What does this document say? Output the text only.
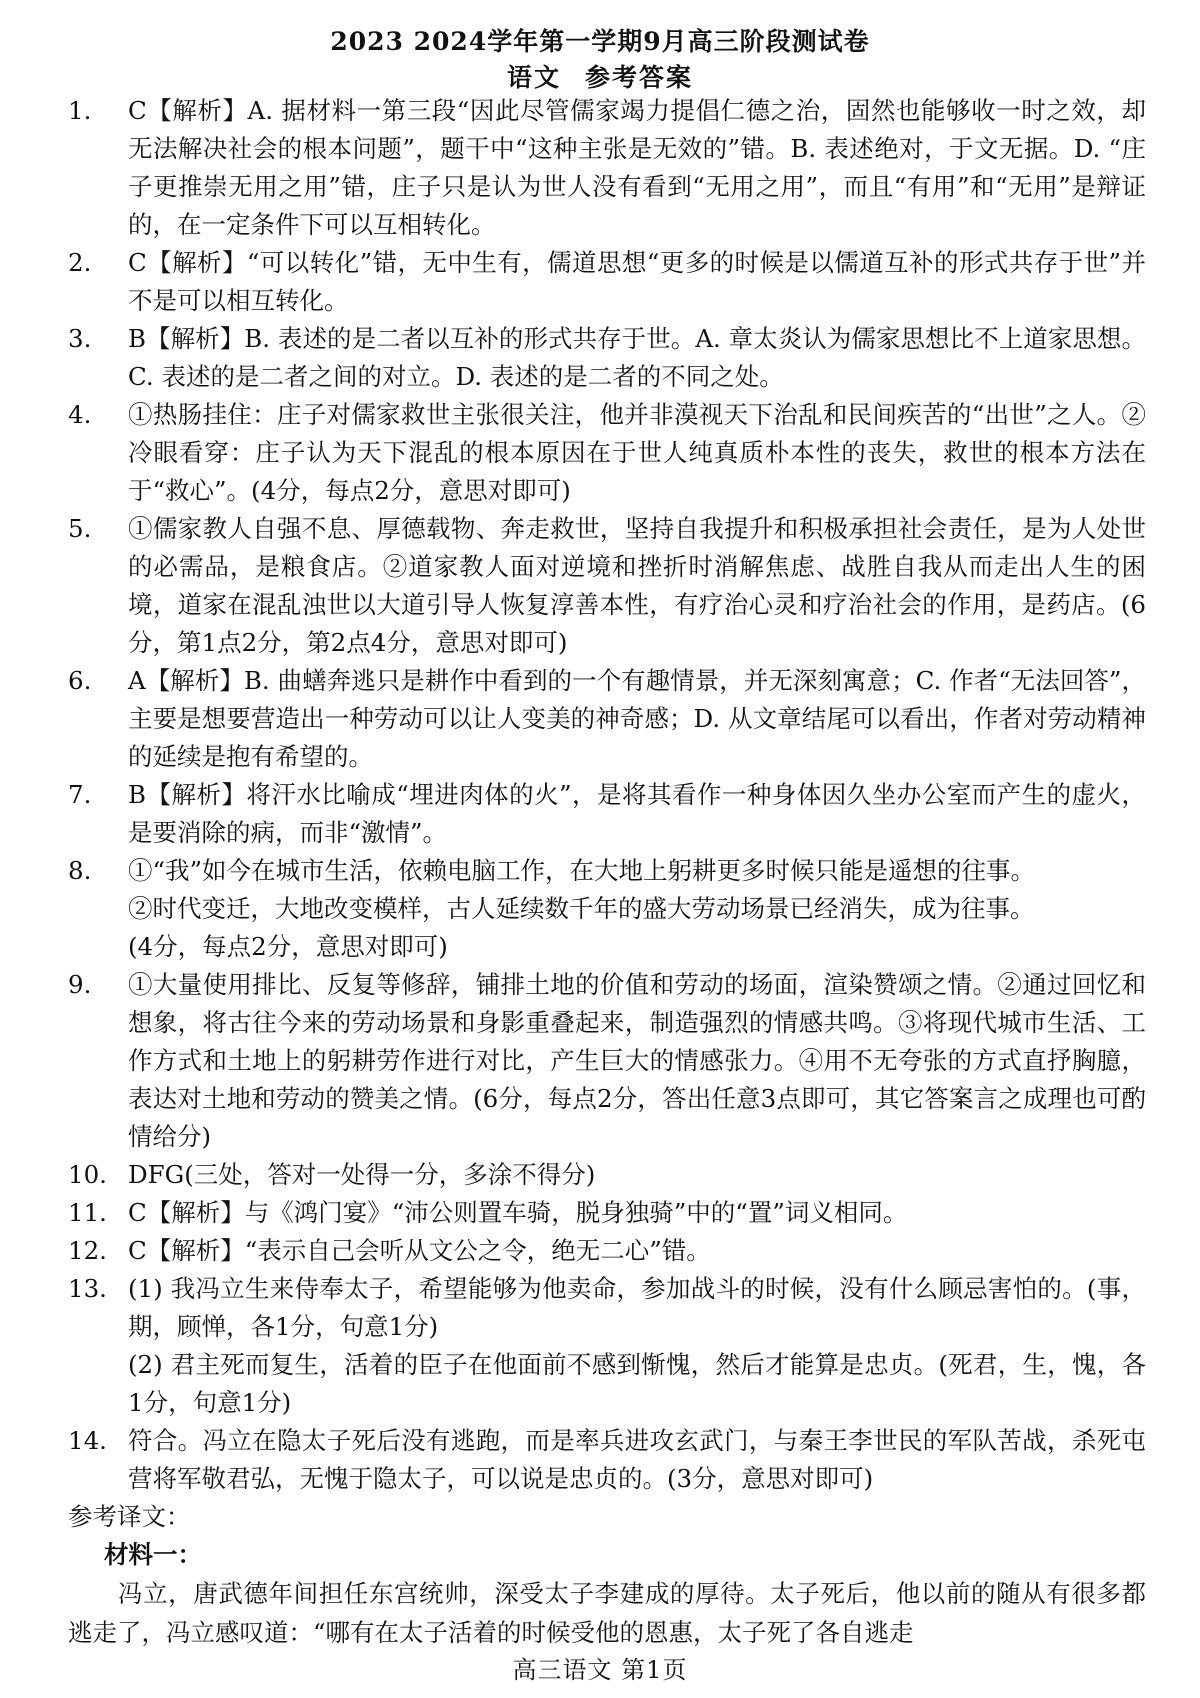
2023 2024学年第一学期9月高三阶段测试卷
语文 参考答案
1.	C【解析】A. 据材料一第三段“因此尽管儒家竭力提倡仁德之治，固然也能够收一时之效，却无法解决社会的根本问题”，题干中“这种主张是无效的”错。B. 表述绝对，于文无据。D. “庄子更推崇无用之用”错，庄子只是认为世人没有看到“无用之用”，而且“有用”和“无用”是辩证的，在一定条件下可以互相转化。
2.	C【解析】“可以转化”错，无中生有，儒道思想“更多的时候是以儒道互补的形式共存于世”并不是可以相互转化。
3.	B【解析】B. 表述的是二者以互补的形式共存于世。A. 章太炎认为儒家思想比不上道家思想。C. 表述的是二者之间的对立。D. 表述的是二者的不同之处。
4.	①热肠挂住：庄子对儒家救世主张很关注，他并非漠视天下治乱和民间疾苦的“出世”之人。②冷眼看穿：庄子认为天下混乱的根本原因在于世人纯真质朴本性的丧失，救世的根本方法在于“救心”。(4分，每点2分，意思对即可)
5.	①儒家教人自强不息、厚德载物、奔走救世，坚持自我提升和积极承担社会责任，是为人处世的必需品，是粮食店。②道家教人面对逆境和挫折时消解焦虑、战胜自我从而走出人生的困境，道家在混乱浊世以大道引导人恢复淳善本性，有疗治心灵和疗治社会的作用，是药店。(6分，第1点2分，第2点4分，意思对即可)
6.	A【解析】B. 曲蟮奔逃只是耕作中看到的一个有趣情景，并无深刻寓意；C. 作者“无法回答”，主要是想要营造出一种劳动可以让人变美的神奇感；D. 从文章结尾可以看出，作者对劳动精神的延续是抱有希望的。
7.	B【解析】将汗水比喻成“埋进肉体的火”，是将其看作一种身体因久坐办公室而产生的虚火，是要消除的病，而非“激情”。
8.	①“我”如今在城市生活，依赖电脑工作，在大地上躬耕更多时候只能是遥想的往事。
②时代变迁，大地改变模样，古人延续数千年的盛大劳动场景已经消失，成为往事。
(4分，每点2分，意思对即可)
9.	①大量使用排比、反复等修辞，铺排土地的价值和劳动的场面，渲染赞颂之情。②通过回忆和想象，将古往今来的劳动场景和身影重叠起来，制造强烈的情感共鸣。③将现代城市生活、工作方式和土地上的躬耕劳作进行对比，产生巨大的情感张力。④用不无夸张的方式直抒胸臆，表达对土地和劳动的赞美之情。(6分，每点2分，答出任意3点即可，其它答案言之成理也可酌情给分)
10. DFG(三处，答对一处得一分，多涂不得分)
11. C【解析】与《鸿门宴》“沛公则置车骑，脱身独骑”中的“置”词义相同。
12. C【解析】“表示自己会听从文公之令，绝无二心”错。
13. (1) 我冯立生来侍奉太子，希望能够为他卖命，参加战斗的时候，没有什么顾忌害怕的。(事，期，顾惮，各1分，句意1分)
(2) 君主死而复生，活着的臣子在他面前不感到惭愧，然后才能算是忠贞。(死君，生，愧，各1分，句意1分)
14. 符合。冯立在隐太子死后没有逃跑，而是率兵进攻玄武门，与秦王李世民的军队苦战，杀死屯营将军敬君弘，无愧于隐太子，可以说是忠贞的。(3分，意思对即可)
参考译文：
材料一：
冯立，唐武德年间担任东宫统帅，深受太子李建成的厚待。太子死后，他以前的随从有很多都逃走了，冯立感叹道：“哪有在太子活着的时候受他的恩惠，太子死了各自逃走
高三语文 第1页
